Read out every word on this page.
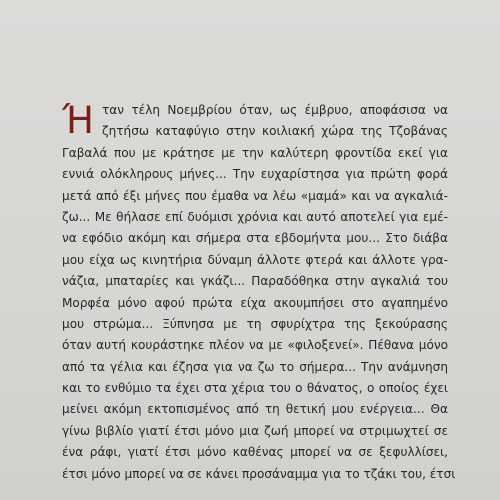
Ή ταν τέλη Νοεμβρίου όταν, ως έμβρυο, αποφάσισα να
ζητήσω καταφύγιο στην κοιλιακή χώρα της Τζοβάνας
Γαβαλά που με κράτησε με την καλύτερη φροντίδα εκεί για
εννιά ολόκληρους μήνες... Την ευχαρίστησα για πρώτη φορά
μετά από έξι μήνες που έμαθα να λέω «μαμά» και να αγκαλιά-
ζω... Με θήλασε επί δυόμισι χρόνια και αυτό αποτελεί για εμέ-
να εφόδιο ακόμη και σήμερα στα εβδομήντα μου... Στο διάβα
μου είχα ως κινητήρια δύναμη άλλοτε φτερά και άλλοτε γρα-
νάζια, μπαταρίες και γκάζι... Παραδόθηκα στην αγκαλιά του
Μορφέα μόνο αφού πρώτα είχα ακουμπήσει στο αγαπημένο
μου στρώμα... Ξύπνησα με τη σφυρίχτρα της ξεκούρασης
όταν αυτή κουράστηκε πλέον να με «φιλοξενεί». Πέθανα μόνο
από τα γέλια και έζησα για να ζω το σήμερα... Την ανάμνηση
και το ενθύμιο τα έχει στα χέρια του ο θάνατος, ο οποίος έχει
μείνει ακόμη εκτοπισμένος από τη θετική μου ενέργεια... Θα
γίνω βιβλίο γιατί έτσι μόνο μια ζωή μπορεί να στριμωχτεί σε
ένα ράφι, γιατί έτσι μόνο καθένας μπορεί να σε ξεφυλλίσει,
έτσι μόνο μπορεί να σε κάνει προσάναμμα για το τζάκι του, έτσι
